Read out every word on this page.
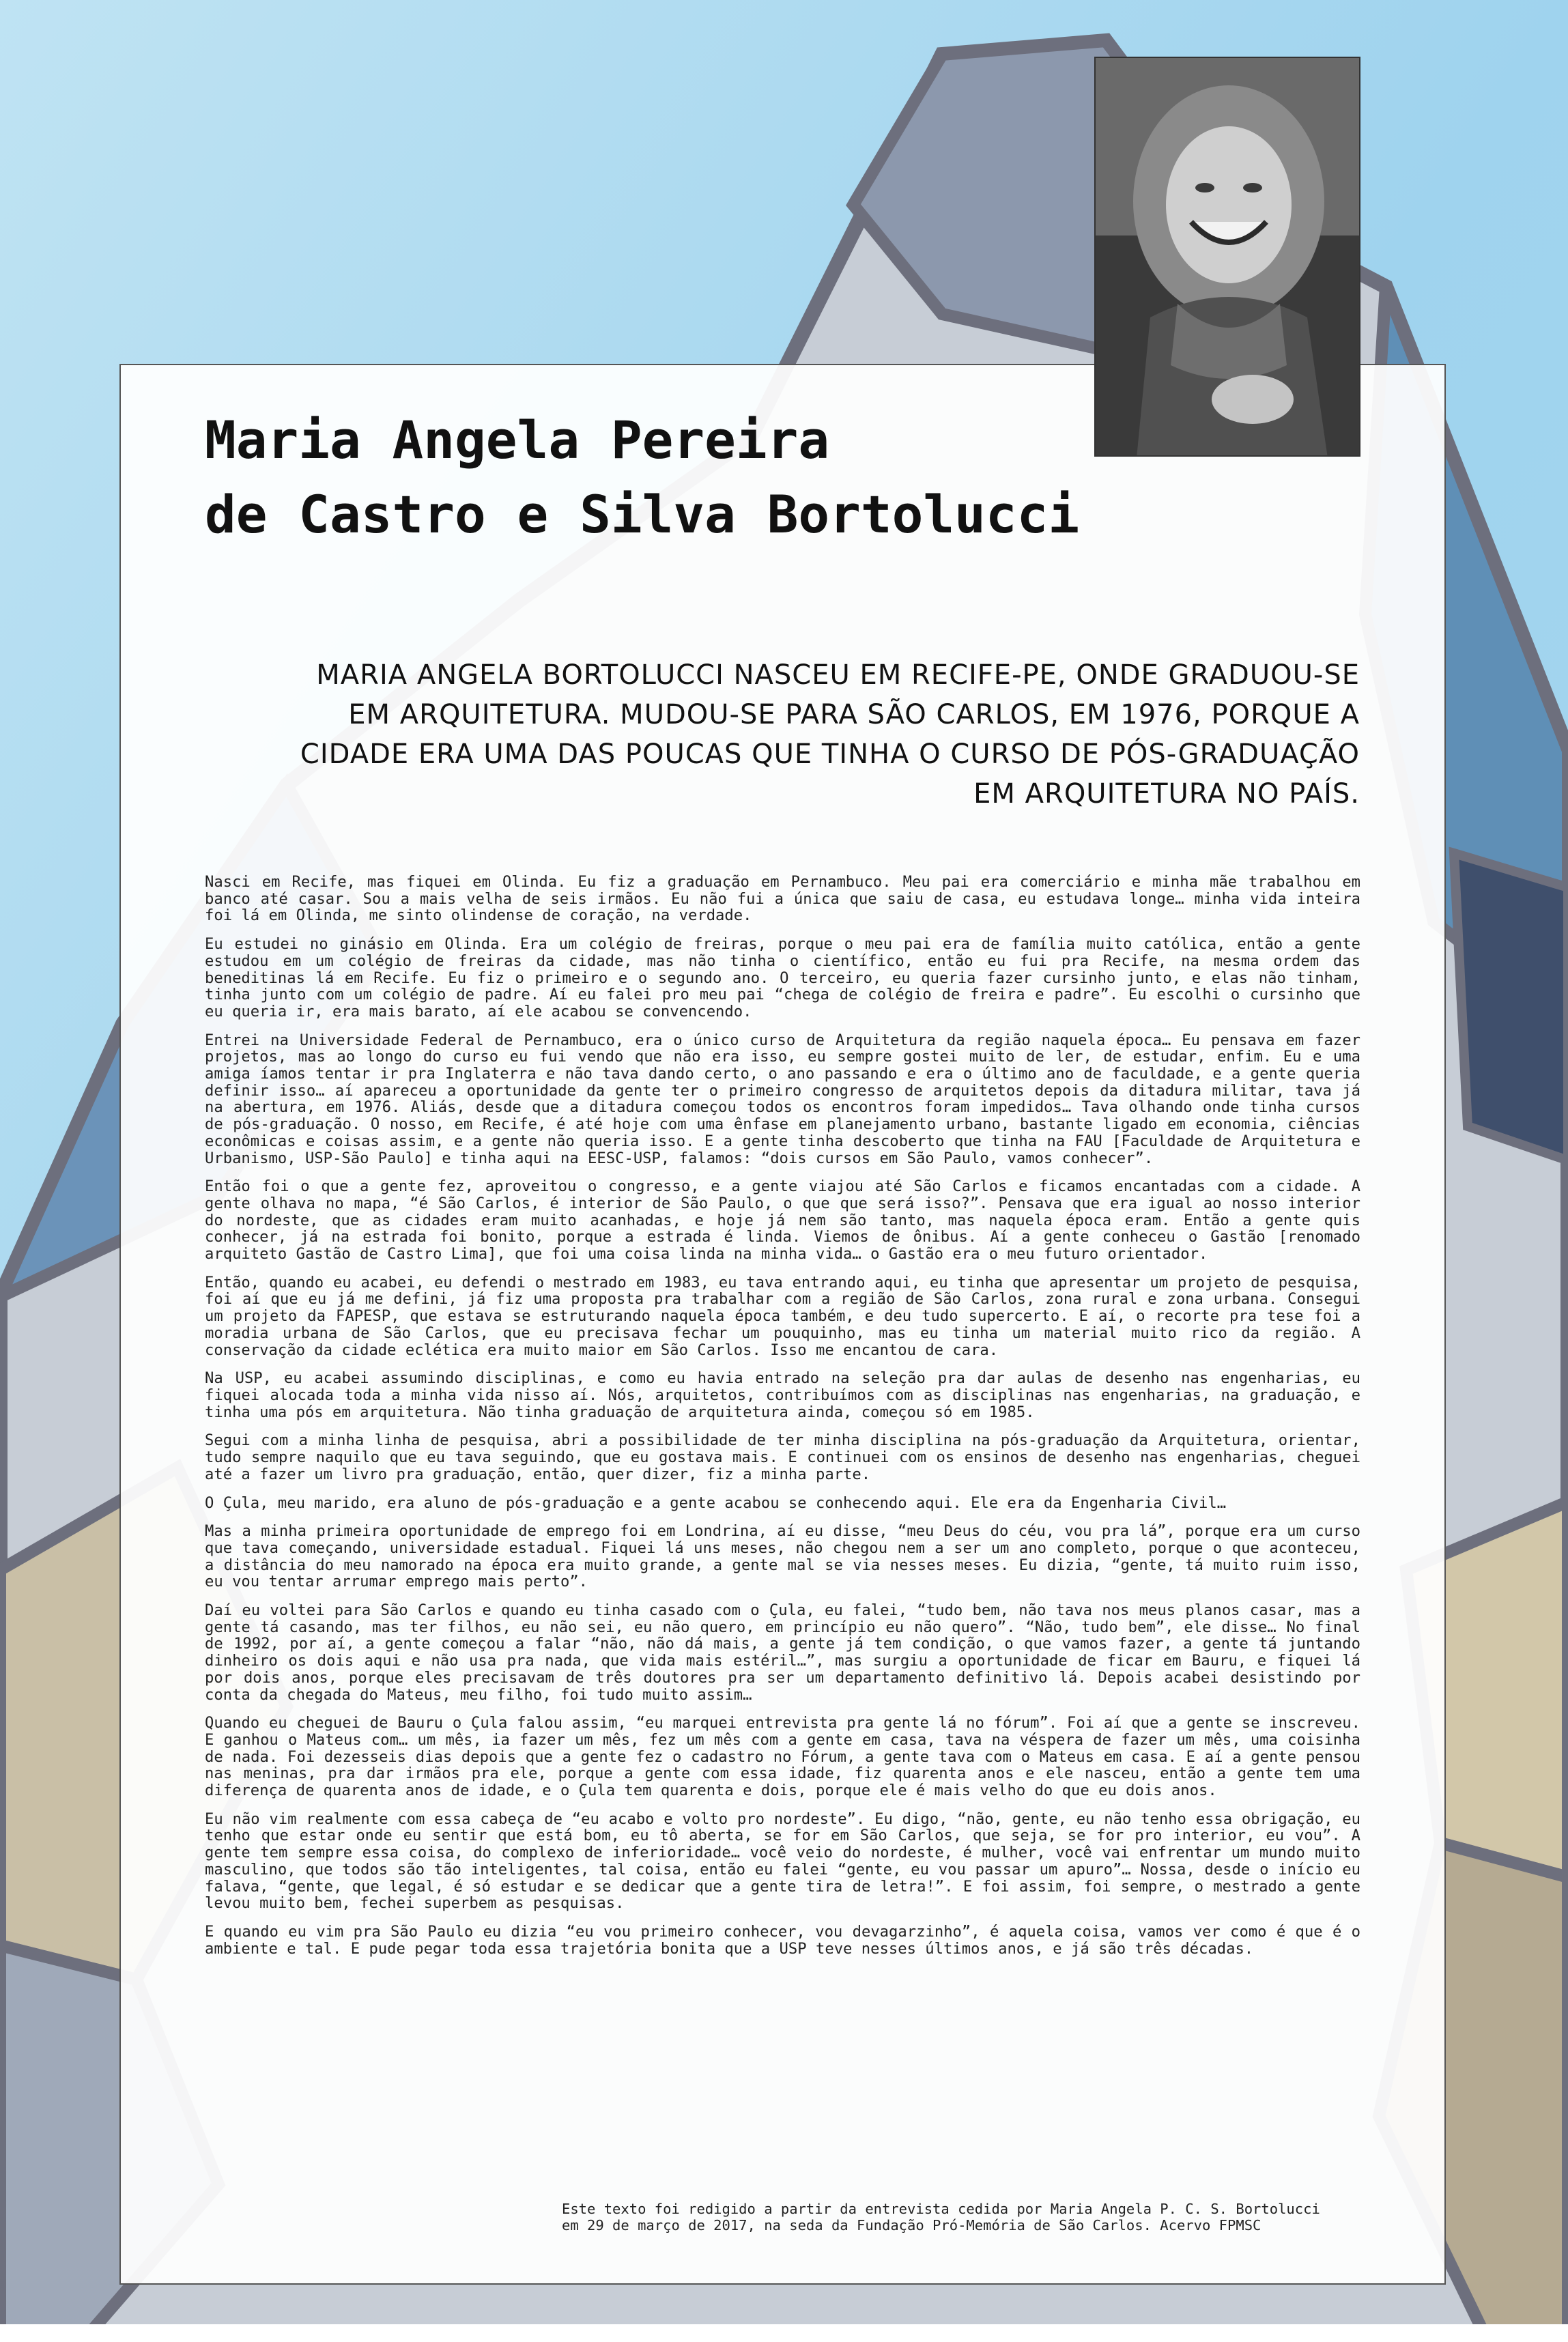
Maria Angela Pereira
de Castro e Silva Bortolucci
MARIA ANGELA BORTOLUCCI NASCEU EM RECIFE-PE, ONDE GRADUOU-SE
EM ARQUITETURA. MUDOU-SE PARA SÃO CARLOS, EM 1976, PORQUE A
CIDADE ERA UMA DAS POUCAS QUE TINHA O CURSO DE PÓS-GRADUAÇÃO
EM ARQUITETURA NO PAÍS.

Nasci em Recife, mas fiquei em Olinda. Eu fiz a graduação em Pernambuco. Meu pai era comerciário e minha mãe trabalhou em banco até casar. Sou a mais velha de seis irmãos. Eu não fui a única que saiu de casa, eu estudava longe… minha vida inteira foi lá em Olinda, me sinto olindense de coração, na verdade.

Eu estudei no ginásio em Olinda. Era um colégio de freiras, porque o meu pai era de família muito católica, então a gente estudou em um colégio de freiras da cidade, mas não tinha o científico, então eu fui pra Recife, na mesma ordem das beneditinas lá em Recife. Eu fiz o primeiro e o segundo ano. O terceiro, eu queria fazer cursinho junto, e elas não tinham, tinha junto com um colégio de padre. Aí eu falei pro meu pai “chega de colégio de freira e padre”. Eu escolhi o cursinho que eu queria ir, era mais barato, aí ele acabou se convencendo.

Entrei na Universidade Federal de Pernambuco, era o único curso de Arquitetura da região naquela época… Eu pensava em fazer projetos, mas ao longo do curso eu fui vendo que não era isso, eu sempre gostei muito de ler, de estudar, enfim. Eu e uma amiga íamos tentar ir pra Inglaterra e não tava dando certo, o ano passando e era o último ano de faculdade, e a gente queria definir isso… aí apareceu a oportunidade da gente ter o primeiro congresso de arquitetos depois da ditadura militar, tava já na abertura, em 1976. Aliás, desde que a ditadura começou todos os encontros foram impedidos… Tava olhando onde tinha cursos de pós-graduação. O nosso, em Recife, é até hoje com uma ênfase em planejamento urbano, bastante ligado em economia, ciências econômicas e coisas assim, e a gente não queria isso. E a gente tinha descoberto que tinha na FAU [Faculdade de Arquitetura e Urbanismo, USP-São Paulo] e tinha aqui na EESC-USP, falamos: “dois cursos em São Paulo, vamos conhecer”.

Então foi o que a gente fez, aproveitou o congresso, e a gente viajou até São Carlos e ficamos encantadas com a cidade. A gente olhava no mapa, “é São Carlos, é interior de São Paulo, o que que será isso?”. Pensava que era igual ao nosso interior do nordeste, que as cidades eram muito acanhadas, e hoje já nem são tanto, mas naquela época eram. Então a gente quis conhecer, já na estrada foi bonito, porque a estrada é linda. Viemos de ônibus. Aí a gente conheceu o Gastão [renomado arquiteto Gastão de Castro Lima], que foi uma coisa linda na minha vida… o Gastão era o meu futuro orientador.

Então, quando eu acabei, eu defendi o mestrado em 1983, eu tava entrando aqui, eu tinha que apresentar um projeto de pesquisa, foi aí que eu já me defini, já fiz uma proposta pra trabalhar com a região de São Carlos, zona rural e zona urbana. Consegui um projeto da FAPESP, que estava se estruturando naquela época também, e deu tudo supercerto. E aí, o recorte pra tese foi a moradia urbana de São Carlos, que eu precisava fechar um pouquinho, mas eu tinha um material muito rico da região. A conservação da cidade eclética era muito maior em São Carlos. Isso me encantou de cara.

Na USP, eu acabei assumindo disciplinas, e como eu havia entrado na seleção pra dar aulas de desenho nas engenharias, eu fiquei alocada toda a minha vida nisso aí. Nós, arquitetos, contribuímos com as disciplinas nas engenharias, na graduação, e tinha uma pós em arquitetura. Não tinha graduação de arquitetura ainda, começou só em 1985.

Segui com a minha linha de pesquisa, abri a possibilidade de ter minha disciplina na pós-graduação da Arquitetura, orientar, tudo sempre naquilo que eu tava seguindo, que eu gostava mais. E continuei com os ensinos de desenho nas engenharias, cheguei até a fazer um livro pra graduação, então, quer dizer, fiz a minha parte.

O Çula, meu marido, era aluno de pós-graduação e a gente acabou se conhecendo aqui. Ele era da Engenharia Civil…

Mas a minha primeira oportunidade de emprego foi em Londrina, aí eu disse, “meu Deus do céu, vou pra lá”, porque era um curso que tava começando, universidade estadual. Fiquei lá uns meses, não chegou nem a ser um ano completo, porque o que aconteceu, a distância do meu namorado na época era muito grande, a gente mal se via nesses meses. Eu dizia, “gente, tá muito ruim isso, eu vou tentar arrumar emprego mais perto”.

Daí eu voltei para São Carlos e quando eu tinha casado com o Çula, eu falei, “tudo bem, não tava nos meus planos casar, mas a gente tá casando, mas ter filhos, eu não sei, eu não quero, em princípio eu não quero”. “Não, tudo bem”, ele disse… No final de 1992, por aí, a gente começou a falar “não, não dá mais, a gente já tem condição, o que vamos fazer, a gente tá juntando dinheiro os dois aqui e não usa pra nada, que vida mais estéril…”, mas surgiu a oportunidade de ficar em Bauru, e fiquei lá por dois anos, porque eles precisavam de três doutores pra ser um departamento definitivo lá. Depois acabei desistindo por conta da chegada do Mateus, meu filho, foi tudo muito assim…

Quando eu cheguei de Bauru o Çula falou assim, “eu marquei entrevista pra gente lá no fórum”. Foi aí que a gente se inscreveu. E ganhou o Mateus com… um mês, ia fazer um mês, fez um mês com a gente em casa, tava na véspera de fazer um mês, uma coisinha de nada. Foi dezesseis dias depois que a gente fez o cadastro no Fórum, a gente tava com o Mateus em casa. E aí a gente pensou nas meninas, pra dar irmãos pra ele, porque a gente com essa idade, fiz quarenta anos e ele nasceu, então a gente tem uma diferença de quarenta anos de idade, e o Çula tem quarenta e dois, porque ele é mais velho do que eu dois anos.

Eu não vim realmente com essa cabeça de “eu acabo e volto pro nordeste”. Eu digo, “não, gente, eu não tenho essa obrigação, eu tenho que estar onde eu sentir que está bom, eu tô aberta, se for em São Carlos, que seja, se for pro interior, eu vou”. A gente tem sempre essa coisa, do complexo de inferioridade… você veio do nordeste, é mulher, você vai enfrentar um mundo muito masculino, que todos são tão inteligentes, tal coisa, então eu falei “gente, eu vou passar um apuro”… Nossa, desde o início eu falava, “gente, que legal, é só estudar e se dedicar que a gente tira de letra!”. E foi assim, foi sempre, o mestrado a gente levou muito bem, fechei superbem as pesquisas.

E quando eu vim pra São Paulo eu dizia “eu vou primeiro conhecer, vou devagarzinho”, é aquela coisa, vamos ver como é que é o ambiente e tal. E pude pegar toda essa trajetória bonita que a USP teve nesses últimos anos, e já são três décadas.

Este texto foi redigido a partir da entrevista cedida por Maria Angela P. C. S. Bortolucci
em 29 de março de 2017, na seda da Fundação Pró-Memória de São Carlos. Acervo FPMSC
